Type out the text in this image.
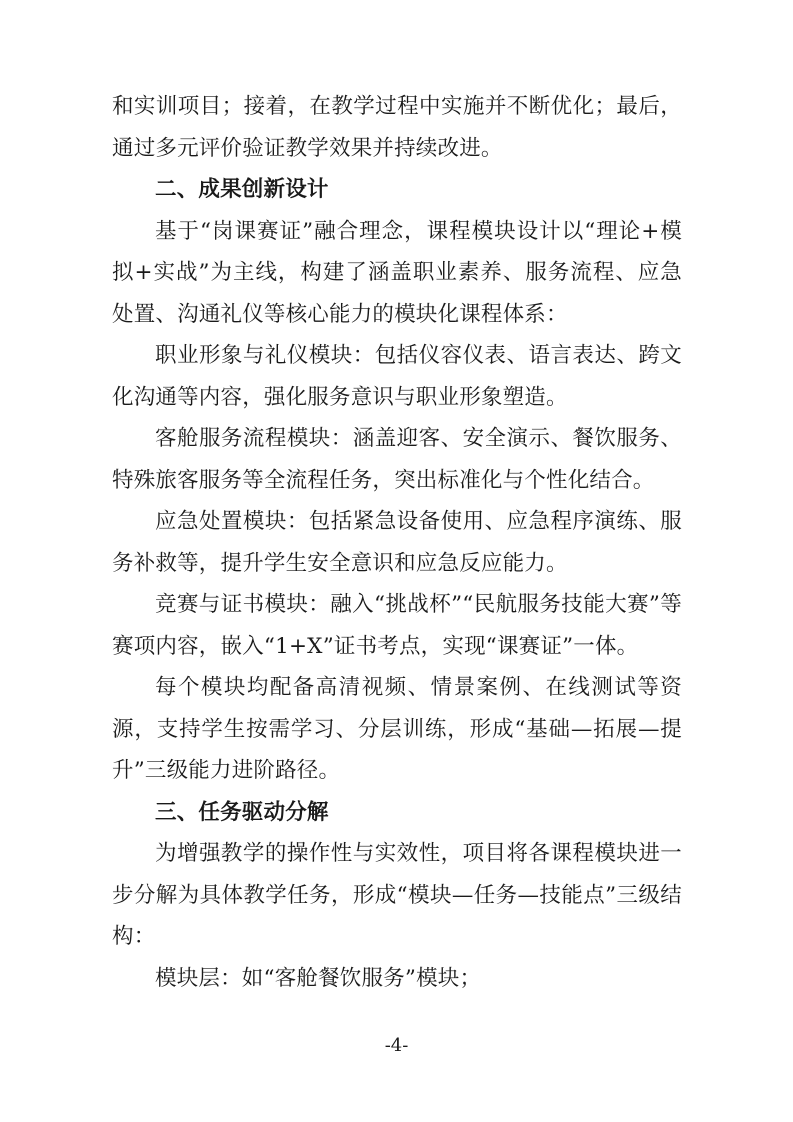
和实训项目；接着，在教学过程中实施并不断优化；最后，通过多元评价验证教学效果并持续改进。

二、成果创新设计

基于“岗课赛证”融合理念，课程模块设计以“理论+模拟+实战”为主线，构建了涵盖职业素养、服务流程、应急处置、沟通礼仪等核心能力的模块化课程体系：

职业形象与礼仪模块：包括仪容仪表、语言表达、跨文化沟通等内容，强化服务意识与职业形象塑造。

客舱服务流程模块：涵盖迎客、安全演示、餐饮服务、特殊旅客服务等全流程任务，突出标准化与个性化结合。

应急处置模块：包括紧急设备使用、应急程序演练、服务补救等，提升学生安全意识和应急反应能力。

竞赛与证书模块：融入“挑战杯”“民航服务技能大赛”等赛项内容，嵌入“1+X”证书考点，实现“课赛证”一体。

每个模块均配备高清视频、情景案例、在线测试等资源，支持学生按需学习、分层训练，形成“基础—拓展—提升”三级能力进阶路径。

三、任务驱动分解

为增强教学的操作性与实效性，项目将各课程模块进一步分解为具体教学任务，形成“模块—任务—技能点”三级结构：

模块层：如“客舱餐饮服务”模块；

-4-
